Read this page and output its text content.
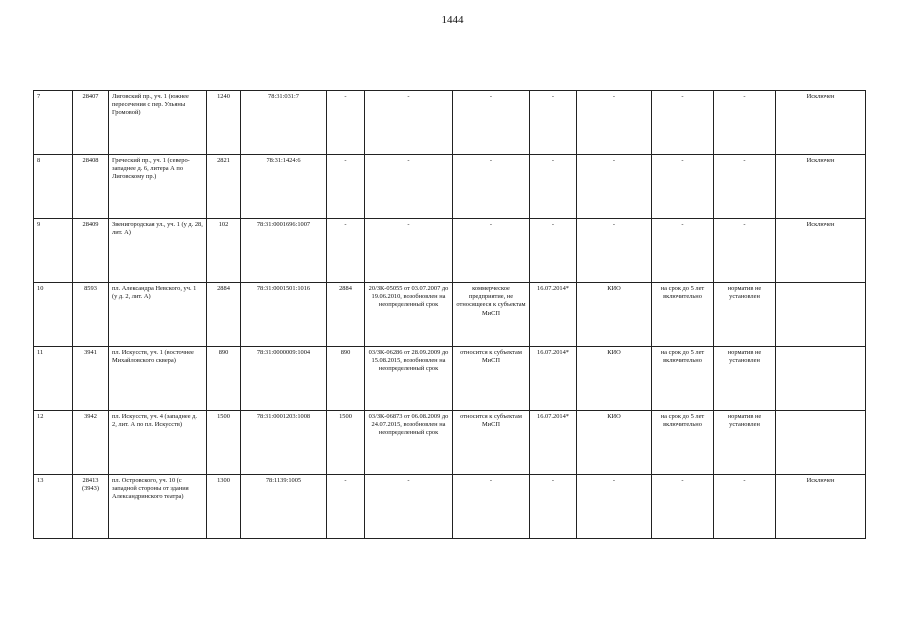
1444
7	28407	Лиговский пр., уч. 1 (южнее пересечения с пер. Ульяны Громовой)	1240	78:31:031:7	-	-	-	-	-	-	-	Исключен
8	28408	Греческий пр., уч. 1 (северо-западнее д. 6, литера А по Лиговскому пр.)	2821	78:31:1424:6	-	-	-	-	-	-	-	Исключен
9	28409	Звенигородская ул., уч. 1 (у д. 28, лит. А)	102	78:31:0001696:1007	-	-	-	-	-	-	-	Исключен
10	8593	пл. Александра Невского, уч. 1 (у д. 2, лит. А)	2884	78:31:0001501:1016	2884	20/ЗК-05055 от 03.07.2007 до 19.06.2010, возобновлен на неопределенный срок	коммерческое предприятие, не относящееся к субъектам МиСП	16.07.2014*	КИО	на срок до 5 лет включительно	норматив не установлен	
11	3941	пл. Искусств, уч. 1 (восточнее Михайловского сквера)	890	78:31:0000009:1004	890	03/ЗК-06286 от 28.09.2009 до 15.08.2015, возобновлен на неопределенный срок	относится к субъектам МиСП	16.07.2014*	КИО	на срок до 5 лет включительно	норматив не установлен	
12	3942	пл. Искусств, уч. 4 (западнее д. 2, лит. А по пл. Искусств)	1500	78:31:0001203:1008	1500	03/ЗК-06873 от 06.08.2009 до 24.07.2015, возобновлен на неопределенный срок	относится к субъектам МиСП	16.07.2014*	КИО	на срок до 5 лет включительно	норматив не установлен	
13	28413 (3943)	пл. Островского, уч. 10 (с западной стороны от здания Александринского театра)	1300	78:1139:1005	-	-	-	-	-	-	-	Исключен
